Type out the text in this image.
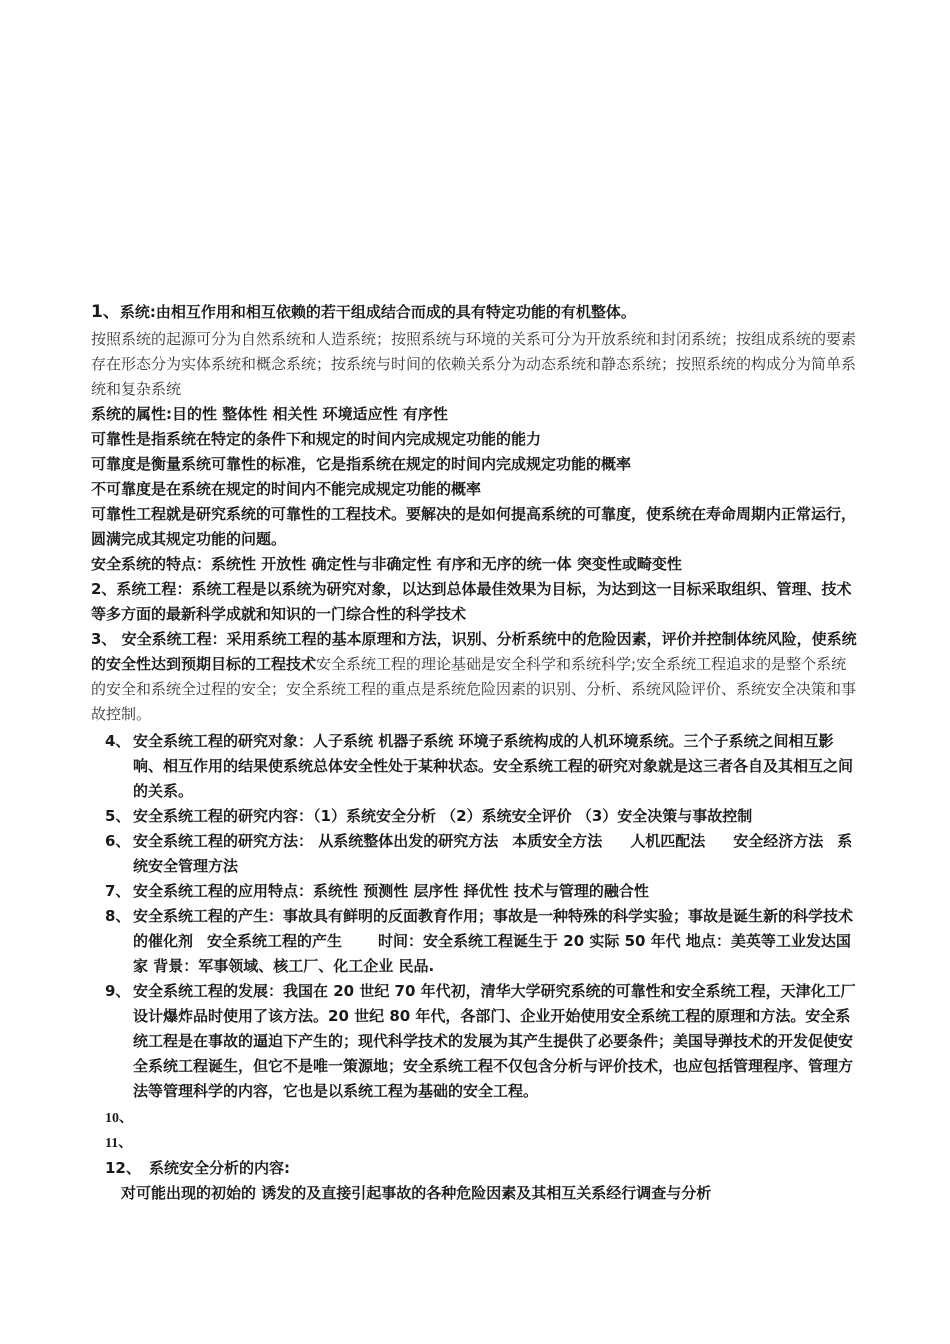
1、系统:由相互作用和相互依赖的若干组成结合而成的具有特定功能的有机整体。

按照系统的起源可分为自然系统和人造系统；按照系统与环境的关系可分为开放系统和封闭系统；按组成系统的要素存在形态分为实体系统和概念系统；按系统与时间的依赖关系分为动态系统和静态系统；按照系统的构成分为简单系统和复杂系统

系统的属性:目的性 整体性 相关性 环境适应性 有序性

可靠性是指系统在特定的条件下和规定的时间内完成规定功能的能力

可靠度是衡量系统可靠性的标准，它是指系统在规定的时间内完成规定功能的概率

不可靠度是在系统在规定的时间内不能完成规定功能的概率

可靠性工程就是研究系统的可靠性的工程技术。要解决的是如何提高系统的可靠度，使系统在寿命周期内正常运行，圆满完成其规定功能的问题。

安全系统的特点：系统性 开放性 确定性与非确定性 有序和无序的统一体 突变性或畸变性

2、系统工程：系统工程是以系统为研究对象，以达到总体最佳效果为目标，为达到这一目标采取组织、管理、技术等多方面的最新科学成就和知识的一门综合性的科学技术

3、 安全系统工程：采用系统工程的基本原理和方法，识别、分析系统中的危险因素，评价并控制体统风险，使系统的安全性达到预期目标的工程技术安全系统工程的理论基础是安全科学和系统科学;安全系统工程追求的是整个系统的安全和系统全过程的安全；安全系统工程的重点是系统危险因素的识别、分析、系统风险评价、系统安全决策和事故控制。

4、 安全系统工程的研究对象：人子系统 机器子系统 环境子系统构成的人机环境系统。三个子系统之间相互影响、相互作用的结果使系统总体安全性处于某种状态。安全系统工程的研究对象就是这三者各自及其相互之间的关系。

5、 安全系统工程的研究内容：（1）系统安全分析 （2）系统安全评价 （3）安全决策与事故控制

6、 安全系统工程的研究方法： 从系统整体出发的研究方法 本质安全方法 人机匹配法 安全经济方法 系统安全管理方法

7、 安全系统工程的应用特点：系统性 预测性 层序性 择优性 技术与管理的融合性

8、 安全系统工程的产生：事故具有鲜明的反面教育作用；事故是一种特殊的科学实验；事故是诞生新的科学技术的催化剂 安全系统工程的产生 时间：安全系统工程诞生于 20 实际 50 年代 地点：美英等工业发达国家 背景：军事领域、核工厂、化工企业 民品.

9、 安全系统工程的发展：我国在 20 世纪 70 年代初，清华大学研究系统的可靠性和安全系统工程，天津化工厂设计爆炸品时使用了该方法。20 世纪 80 年代，各部门、企业开始使用安全系统工程的原理和方法。安全系统工程是在事故的逼迫下产生的；现代科学技术的发展为其产生提供了必要条件；美国导弹技术的开发促使安全系统工程诞生，但它不是唯一策源地；安全系统工程不仅包含分析与评价技术，也应包括管理程序、管理方法等管理科学的内容，它也是以系统工程为基础的安全工程。

10、

11、

12、 系统安全分析的内容:

对可能出现的初始的 诱发的及直接引起事故的各种危险因素及其相互关系经行调查与分析
